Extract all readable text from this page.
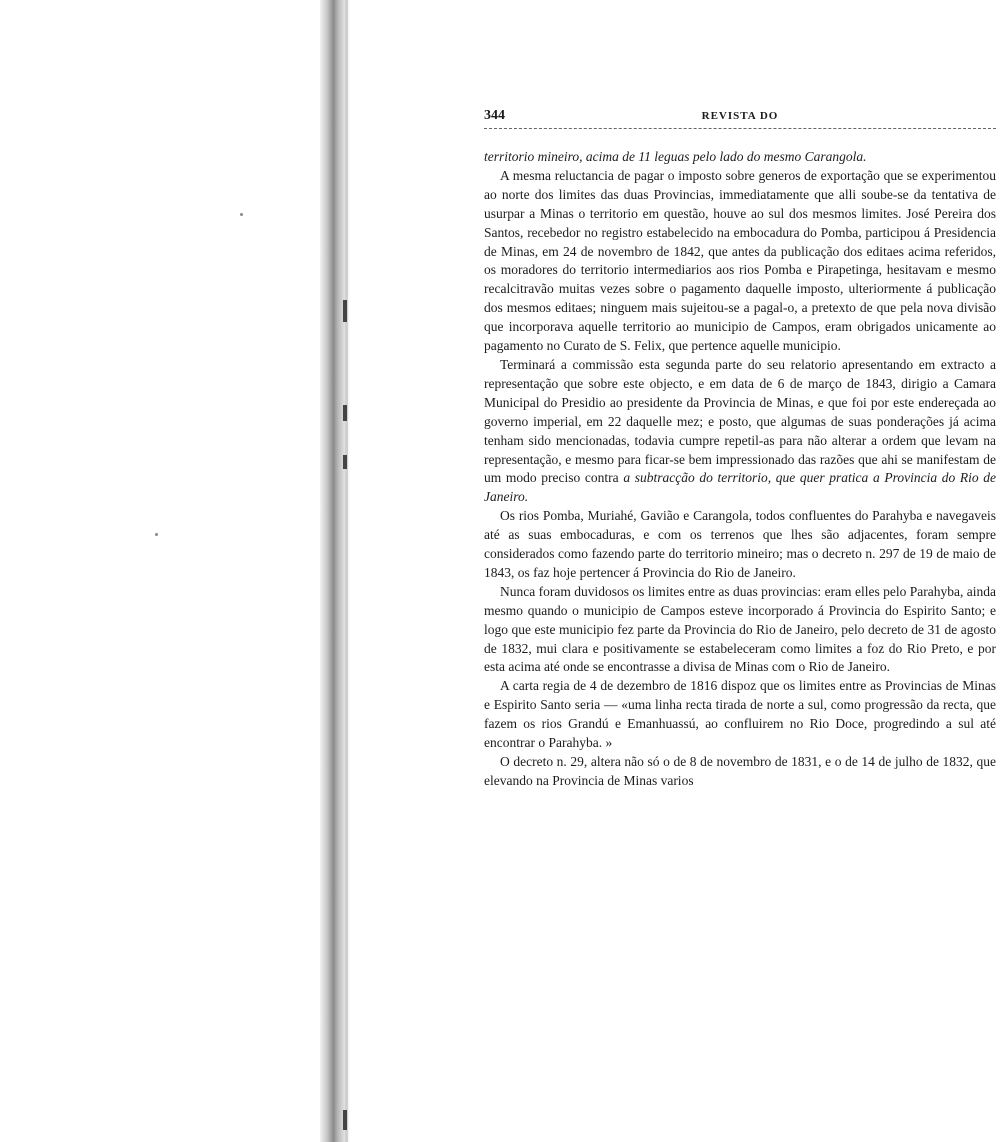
344	REVISTA DO

territorio mineiro, acima de 11 leguas pelo lado do mesmo Carangola.

A mesma reluctancia de pagar o imposto sobre generos de exportação que se experimentou ao norte dos limites das duas Provincias, immediatamente que alli soube-se da tentativa de usurpar a Minas o territorio em questão, houve ao sul dos mesmos limites. José Pereira dos Santos, recebedor no registro estabelecido na embocadura do Pomba, participou á Presidencia de Minas, em 24 de novembro de 1842, que antes da publicação dos editaes acima referidos, os moradores do territorio intermediarios aos rios Pomba e Pirapetinga, hesitavam e mesmo recalcitravão muitas vezes sobre o pagamento daquelle imposto, ulteriormente á publicação dos mesmos editaes; ninguem mais sujeitou-se a pagal-o, a pretexto de que pela nova divisão que incorporava aquelle territorio ao municipio de Campos, eram obrigados unicamente ao pagamento no Curato de S. Felix, que pertence aquelle municipio.

Terminará a commissão esta segunda parte do seu relatorio apresentando em extracto a representação que sobre este objecto, e em data de 6 de março de 1843, dirigio a Camara Municipal do Presidio ao presidente da Provincia de Minas, e que foi por este endereçada ao governo imperial, em 22 daquelle mez; e posto, que algumas de suas ponderações já acima tenham sido mencionadas, todavia cumpre repetil-as para não alterar a ordem que levam na representação, e mesmo para ficar-se bem impressionado das razões que ahi se manifestam de um modo preciso contra a subtracção do territorio, que quer pratica a Provincia do Rio de Janeiro.

Os rios Pomba, Muriahé, Gavião e Carangola, todos confluentes do Parahyba e navegaveis até as suas embocaduras, e com os terrenos que lhes são adjacentes, foram sempre considerados como fazendo parte do territorio mineiro; mas o decreto n. 297 de 19 de maio de 1843, os faz hoje pertencer á Provincia do Rio de Janeiro.

Nunca foram duvidosos os limites entre as duas provincias: eram elles pelo Parahyba, ainda mesmo quando o municipio de Campos esteve incorporado á Provincia do Espirito Santo; e logo que este municipio fez parte da Provincia do Rio de Janeiro, pelo decreto de 31 de agosto de 1832, mui clara e positivamente se estabeleceram como limites a foz do Rio Preto, e por esta acima até onde se encontrasse a divisa de Minas com o Rio de Janeiro.

A carta regia de 4 de dezembro de 1816 dispoz que os limites entre as Provincias de Minas e Espirito Santo seria — «uma linha recta tirada de norte a sul, como progressão da recta, que fazem os rios Grandú e Emanhuassú, ao confluirem no Rio Doce, progredindo a sul até encontrar o Parahyba. »

O decreto n. 29, altera não só o de 8 de novembro de 1831, e o de 14 de julho de 1832, que elevando na Provincia de Minas varios
